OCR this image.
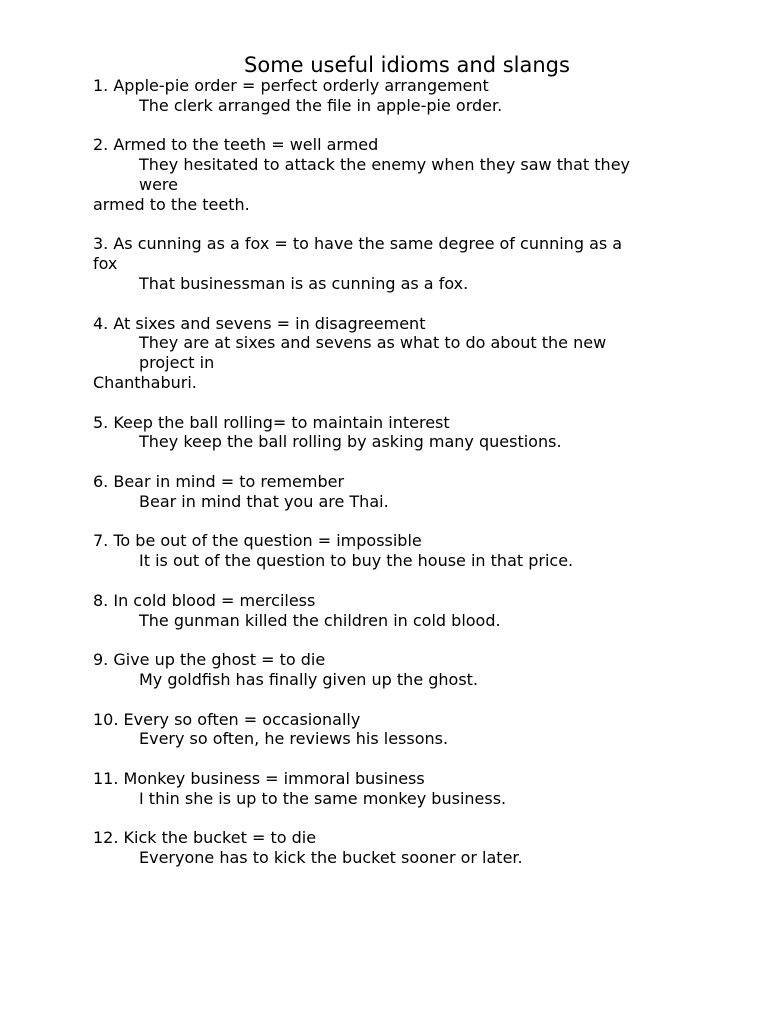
Some useful idioms and slangs

1. Apple-pie order = perfect orderly arrangement

The clerk arranged the file in apple-pie order.

2. Armed to the teeth = well armed

They hesitated to attack the enemy when they saw that they

were

armed to the teeth.

3. As cunning as a fox = to have the same degree of cunning as a

fox

That businessman is as cunning as a fox.

4. At sixes and sevens = in disagreement

They are at sixes and sevens as what to do about the new

project in

Chanthaburi.

5. Keep the ball rolling= to maintain interest

They keep the ball rolling by asking many questions.

6. Bear in mind = to remember

Bear in mind that you are Thai.

7. To be out of the question = impossible

It is out of the question to buy the house in that price.

8. In cold blood = merciless

The gunman killed the children in cold blood.

9. Give up the ghost = to die

My goldfish has finally given up the ghost.

10. Every so often = occasionally

Every so often, he reviews his lessons.

11. Monkey business = immoral business

I thin she is up to the same monkey business.

12. Kick the bucket = to die

Everyone has to kick the bucket sooner or later.
